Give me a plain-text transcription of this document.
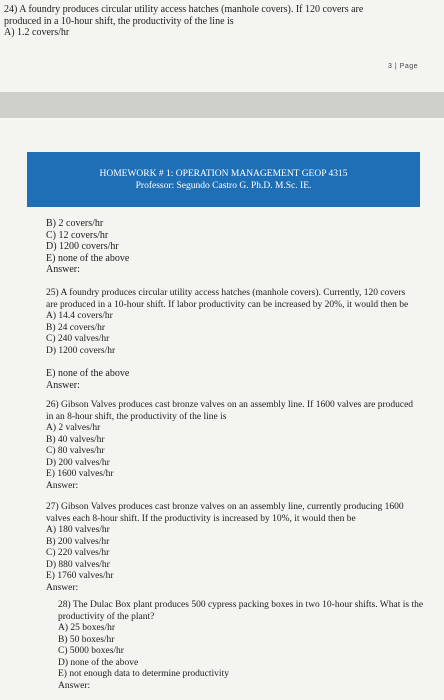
24) A foundry produces circular utility access hatches (manhole covers). If 120 covers are
produced in a 10-hour shift, the productivity of the line is
A) 1.2 covers/hr
3 | Page
HOMEWORK # 1: OPERATION MANAGEMENT GEOP 4315
Professor: Segundo Castro G. Ph.D. M.Sc. IE.
B) 2 covers/hr
C) 12 covers/hr
D) 1200 covers/hr
E) none of the above
Answer:
25) A foundry produces circular utility access hatches (manhole covers). Currently, 120 covers
are produced in a 10-hour shift. If labor productivity can be increased by 20%, it would then be
A) 14.4 covers/hr
B) 24 covers/hr
C) 240 valves/hr
D) 1200 covers/hr
E) none of the above
Answer:
26) Gibson Valves produces cast bronze valves on an assembly line. If 1600 valves are produced
in an 8-hour shift, the productivity of the line is
A) 2 valves/hr
B) 40 valves/hr
C) 80 valves/hr
D) 200 valves/hr
E) 1600 valves/hr
Answer:
27) Gibson Valves produces cast bronze valves on an assembly line, currently producing 1600
valves each 8-hour shift. If the productivity is increased by 10%, it would then be
A) 180 valves/hr
B) 200 valves/hr
C) 220 valves/hr
D) 880 valves/hr
E) 1760 valves/hr
Answer:
28) The Dulac Box plant produces 500 cypress packing boxes in two 10-hour shifts. What is the
productivity of the plant?
A) 25 boxes/hr
B) 50 boxes/hr
C) 5000 boxes/hr
D) none of the above
E) not enough data to determine productivity
Answer:
